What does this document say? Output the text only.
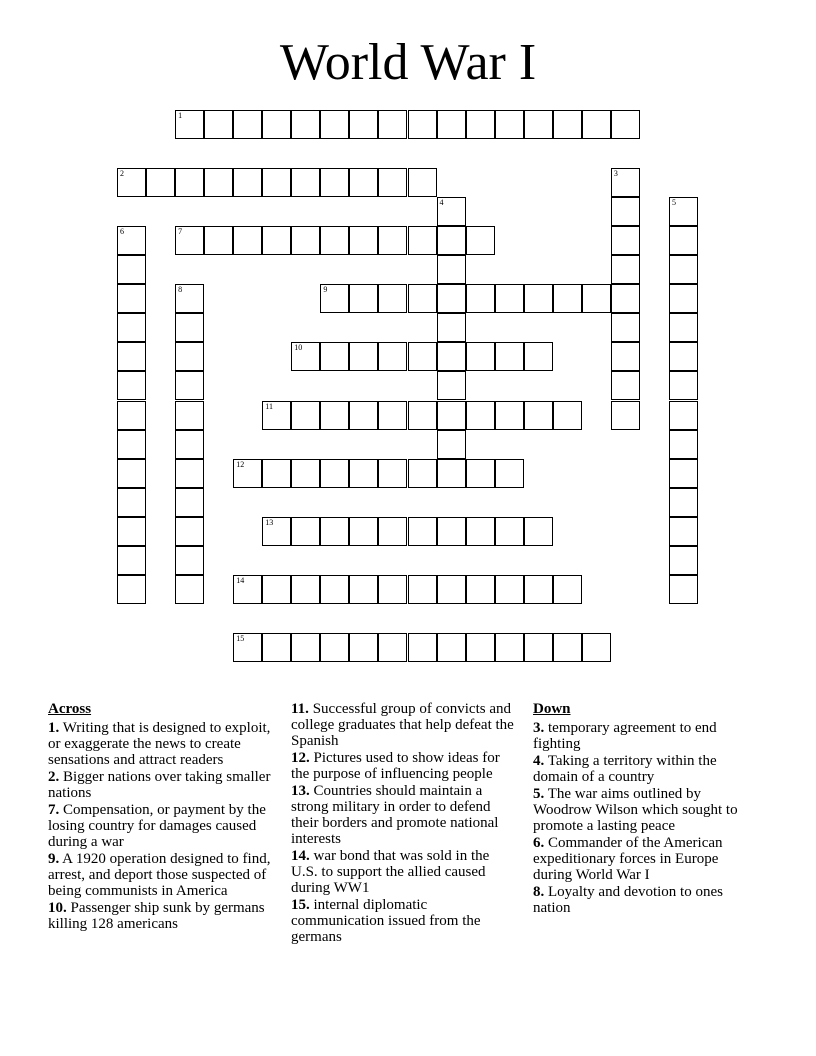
World War I
1
2	3
4	5
6	7
8	9
10
11
12
13
14
15
Across
1. Writing that is designed to exploit, or exaggerate the news to create sensations and attract readers
2. Bigger nations over taking smaller nations
7. Compensation, or payment by the losing country for damages caused during a war
9. A 1920 operation designed to find, arrest, and deport those suspected of being communists in America
10. Passenger ship sunk by germans killing 128 americans
11. Successful group of convicts and college graduates that help defeat the Spanish
12. Pictures used to show ideas for the purpose of influencing people
13. Countries should maintain a strong military in order to defend their borders and promote national interests
14. war bond that was sold in the U.S. to support the allied caused during WW1
15. internal diplomatic communication issued from the germans
Down
3. temporary agreement to end fighting
4. Taking a territory within the domain of a country
5. The war aims outlined by Woodrow Wilson which sought to promote a lasting peace
6. Commander of the American expeditionary forces in Europe during World War I
8. Loyalty and devotion to ones nation
